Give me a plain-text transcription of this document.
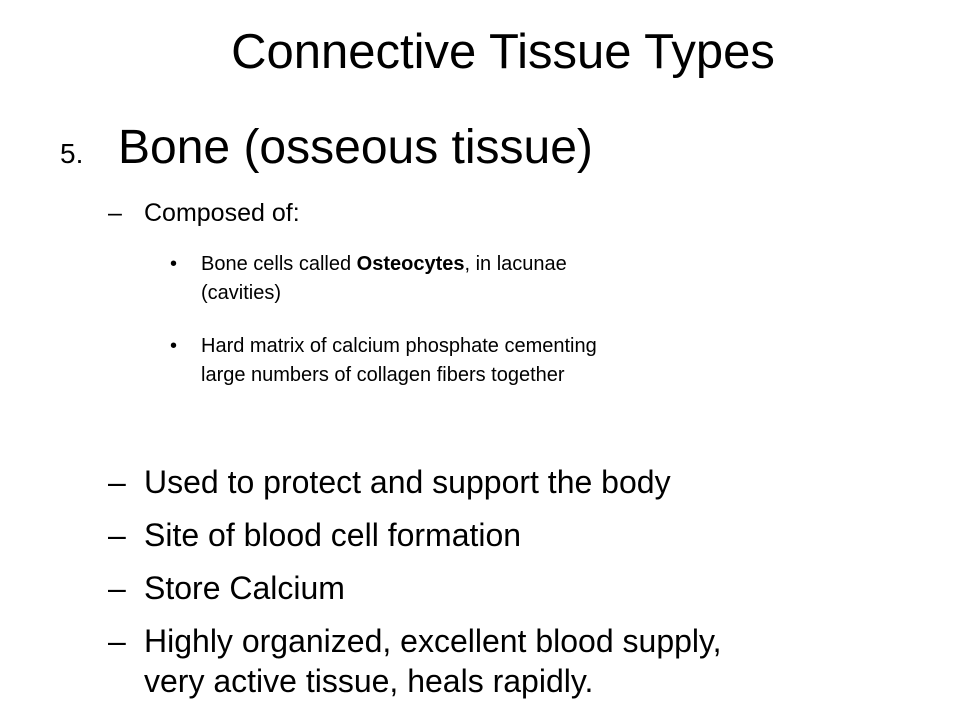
Connective Tissue Types
5. Bone (osseous tissue)
– Composed of:
• Bone cells called Osteocytes, in lacunae
(cavities)
• Hard matrix of calcium phosphate cementing
large numbers of collagen fibers together
– Used to protect and support the body
– Site of blood cell formation
– Store Calcium
– Highly organized, excellent blood supply,
very active tissue, heals rapidly.
